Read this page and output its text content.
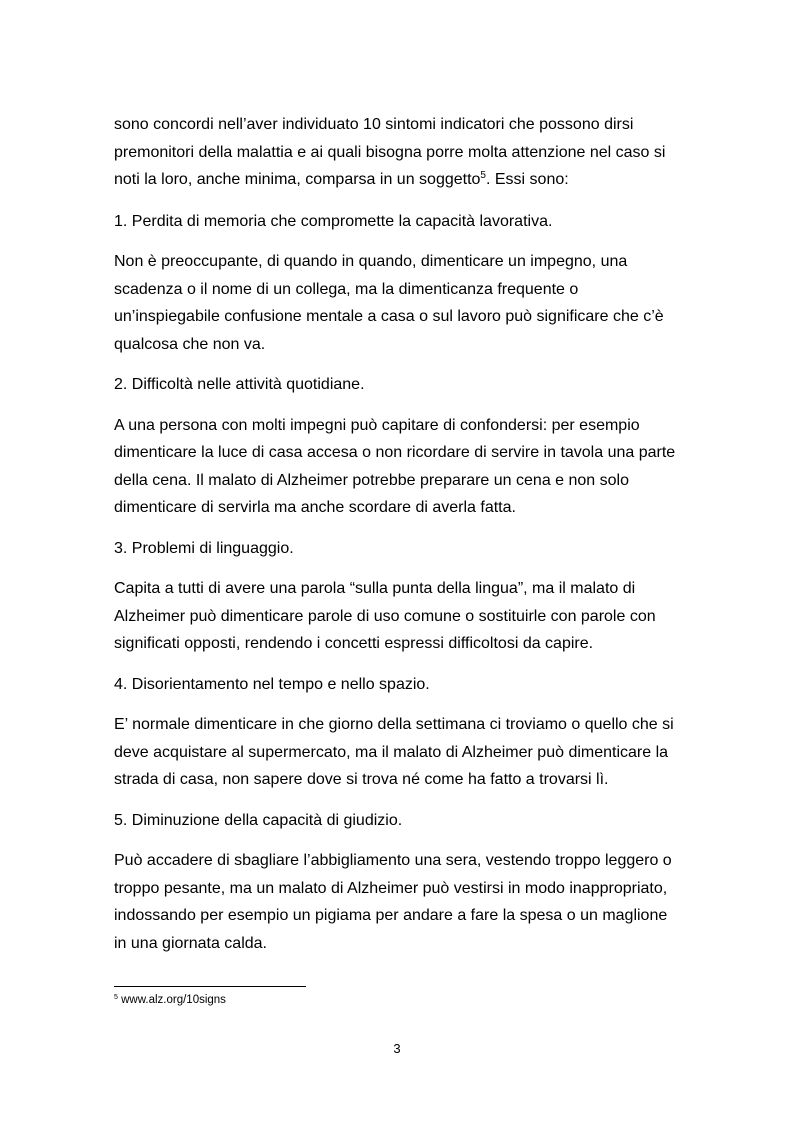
sono concordi nell’aver individuato 10 sintomi indicatori che possono dirsi
premonitori della malattia e ai quali bisogna porre molta attenzione nel caso si
noti la loro, anche minima, comparsa in un soggetto$^5$. Essi sono:

1. Perdita di memoria che compromette la capacità lavorativa.

Non è preoccupante, di quando in quando, dimenticare un impegno, una
scadenza o il nome di un collega, ma la dimenticanza frequente o
un’inspiegabile confusione mentale a casa o sul lavoro può significare che c’è
qualcosa che non va.

2. Difficoltà nelle attività quotidiane.

A una persona con molti impegni può capitare di confondersi: per esempio
dimenticare la luce di casa accesa o non ricordare di servire in tavola una parte
della cena. Il malato di Alzheimer potrebbe preparare un cena e non solo
dimenticare di servirla ma anche scordare di averla fatta.

3. Problemi di linguaggio.

Capita a tutti di avere una parola “sulla punta della lingua”, ma il malato di
Alzheimer può dimenticare parole di uso comune o sostituirle con parole con
significati opposti, rendendo i concetti espressi difficoltosi da capire.

4. Disorientamento nel tempo e nello spazio.

E’ normale dimenticare in che giorno della settimana ci troviamo o quello che si
deve acquistare al supermercato, ma il malato di Alzheimer può dimenticare la
strada di casa, non sapere dove si trova né come ha fatto a trovarsi lì.

5. Diminuzione della capacità di giudizio.

Può accadere di sbagliare l’abbigliamento una sera, vestendo troppo leggero o
troppo pesante, ma un malato di Alzheimer può vestirsi in modo inappropriato,
indossando per esempio un pigiama per andare a fare la spesa o un maglione
in una giornata calda.

$^5$ www.alz.org/10signs
3
